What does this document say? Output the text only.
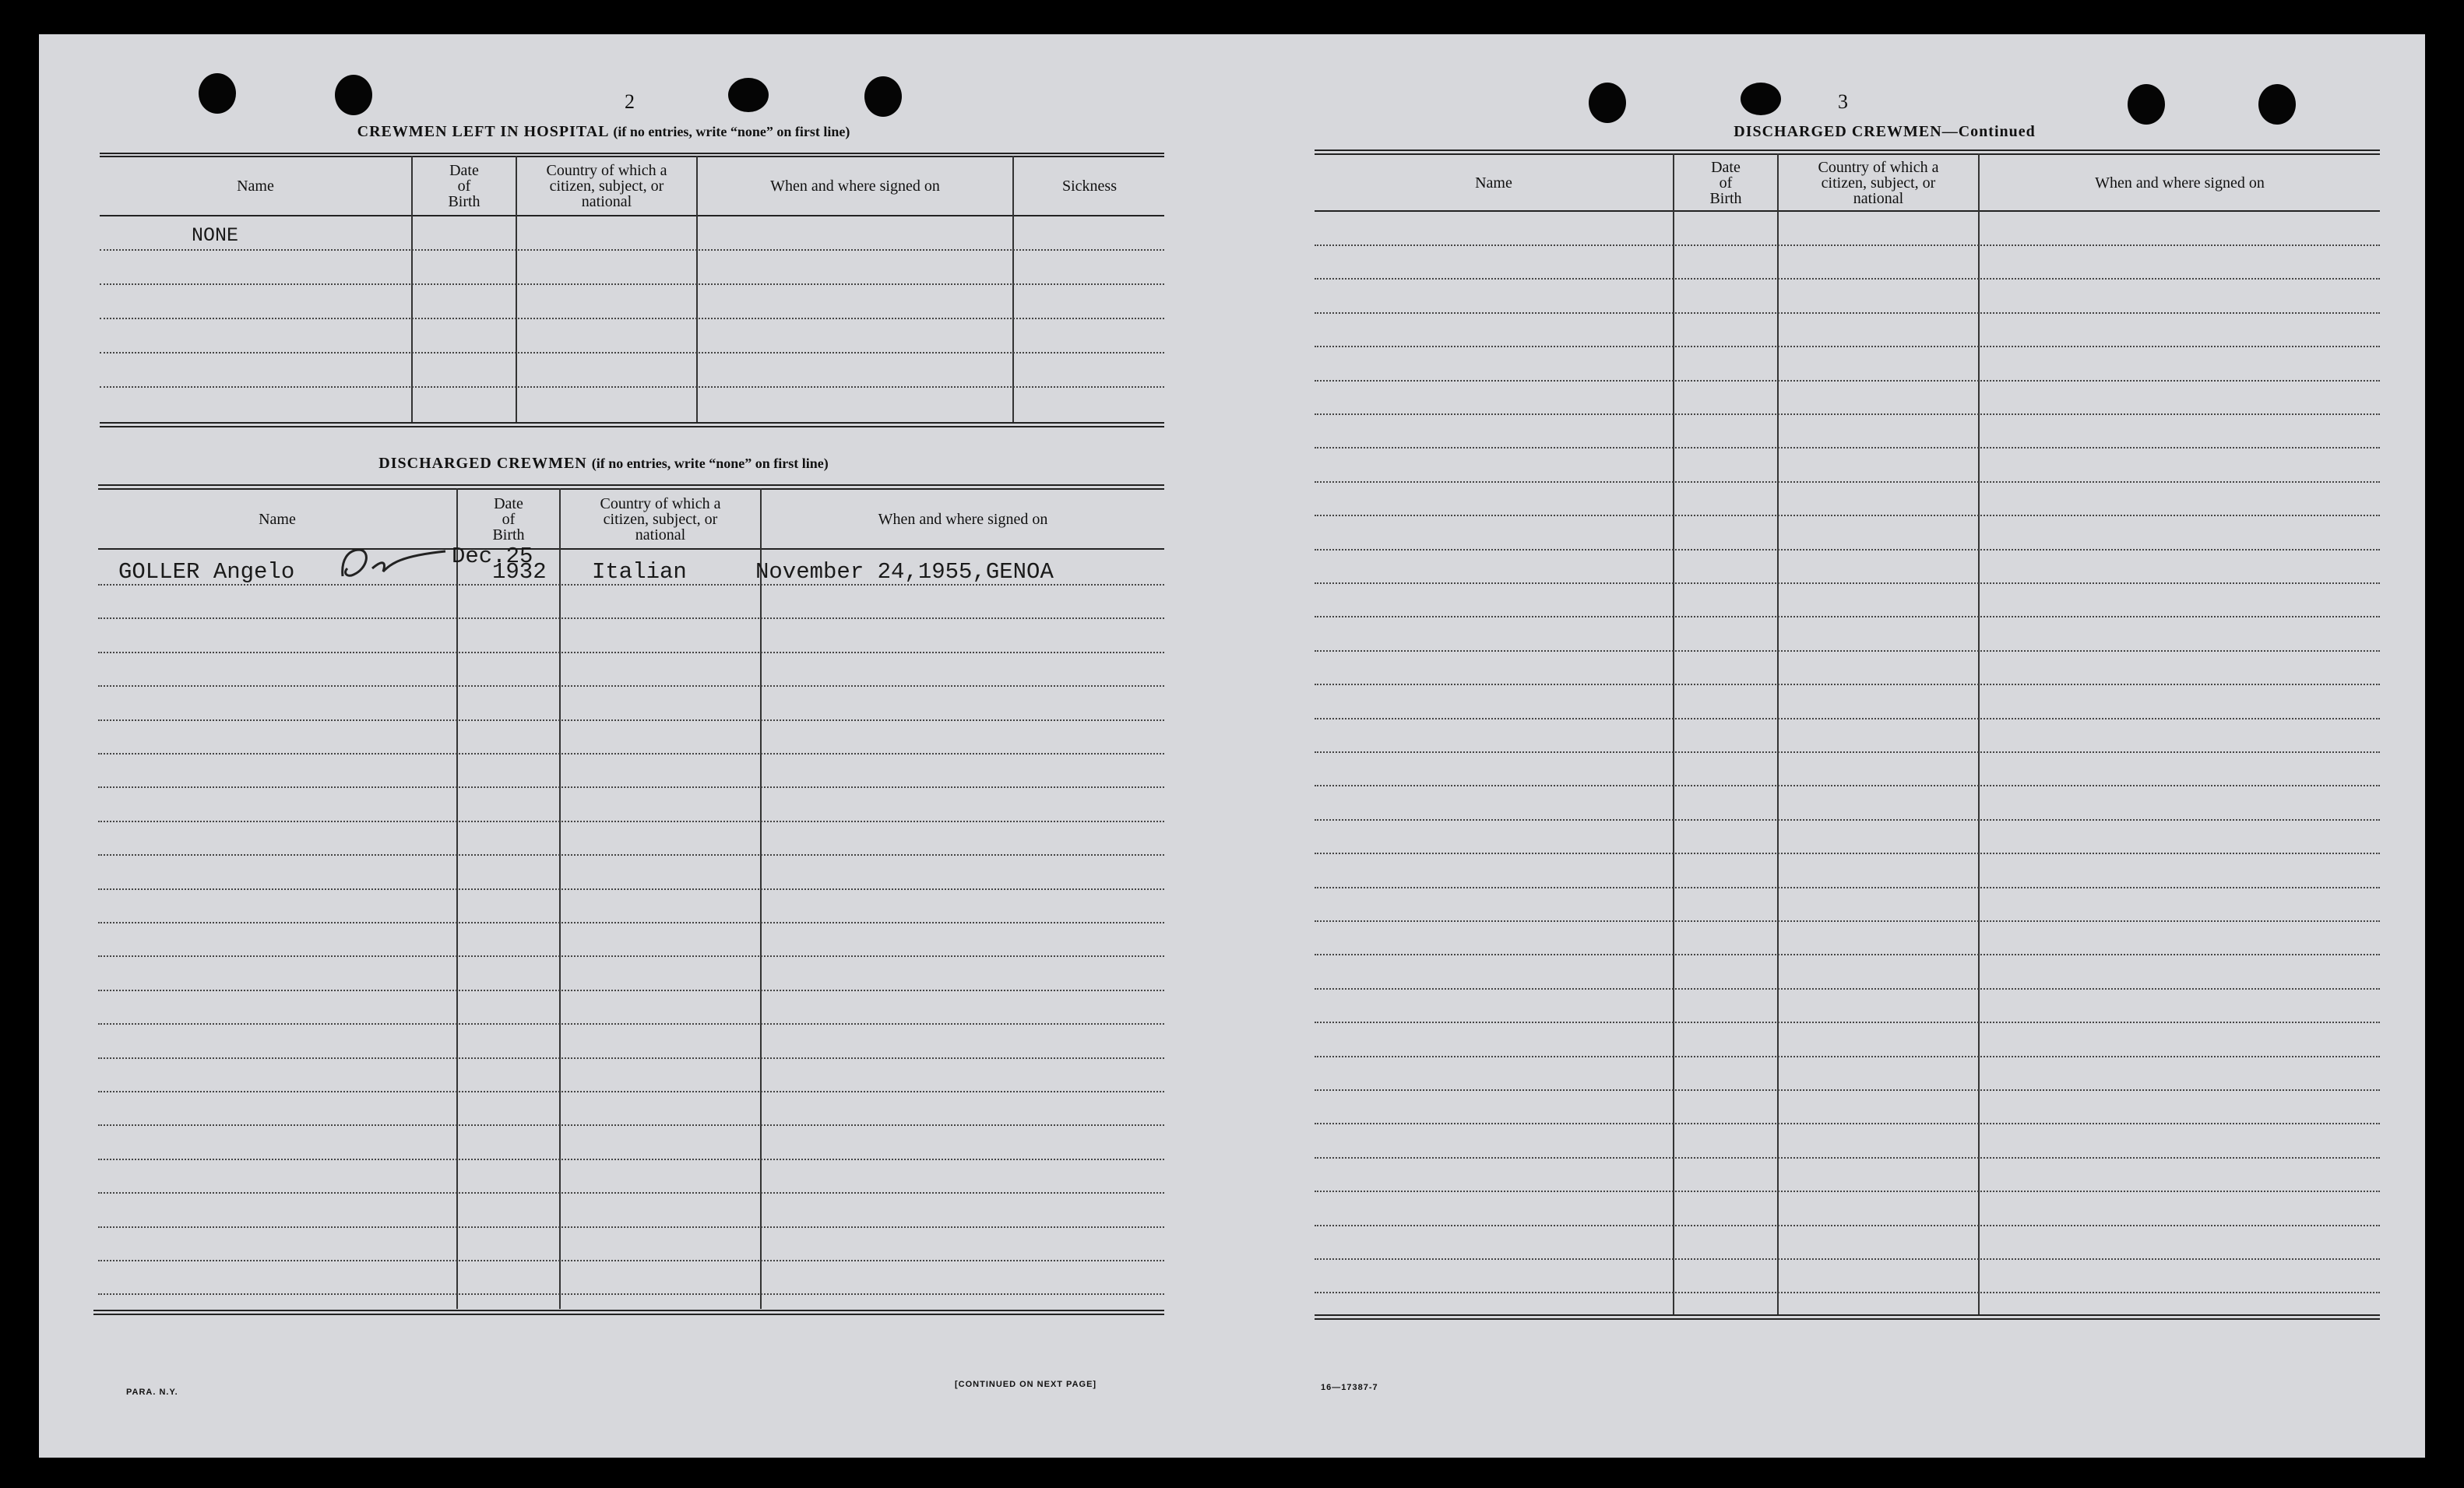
2
CREWMEN LEFT IN HOSPITAL (if no entries, write “none” on first line)
Name
Date
of
Birth
Country of which a
citizen, subject, or
national
When and where signed on	Sickness
NONE
DISCHARGED CREWMEN (if no entries, write “none” on first line)
Name
Date
of
Birth
Country of which a
citizen, subject, or
national
When and where signed on
GOLLER Angelo
Dec.25
1932 Italian	November 24,1955,GENOA
PARA. N.Y.
[CONTINUED ON NEXT PAGE]
3
DISCHARGED CREWMEN—Continued
Name
Date
of
Birth
Country of which a
citizen, subject, or
national
When and where signed on
16—17387-7
